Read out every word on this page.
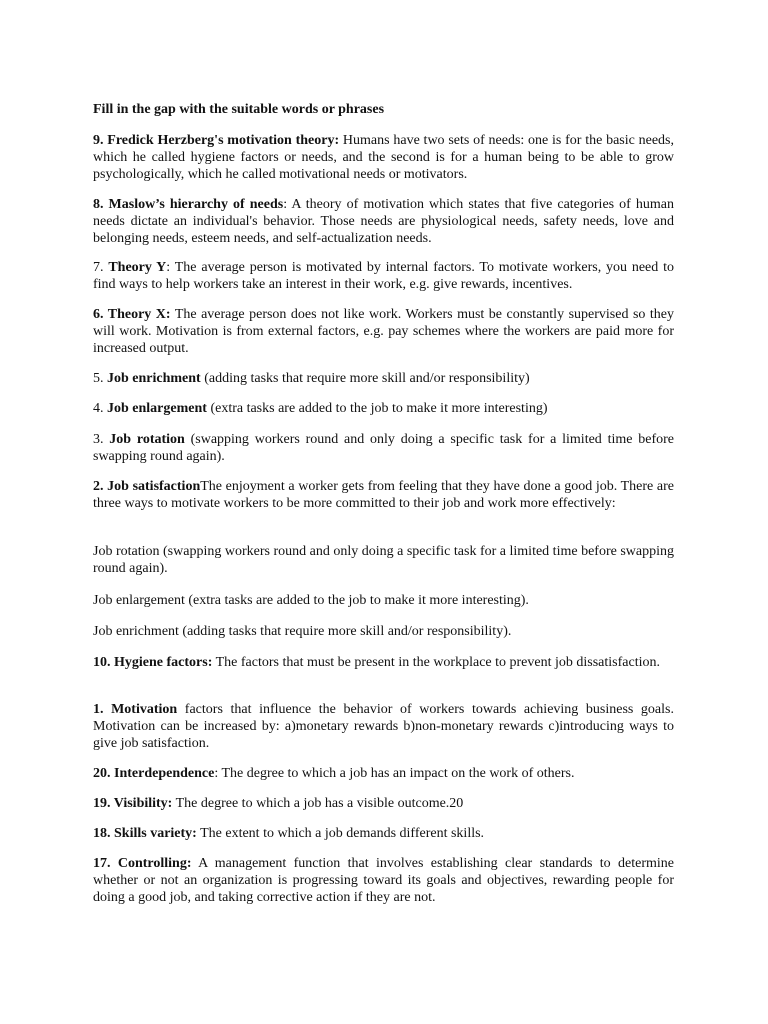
Fill in the gap with the suitable words or phrases

9. Fredick Herzberg's motivation theory: Humans have two sets of needs: one is for the basic needs, which he called hygiene factors or needs, and the second is for a human being to be able to grow psychologically, which he called motivational needs or motivators.

8. Maslow’s hierarchy of needs: A theory of motivation which states that five categories of human needs dictate an individual's behavior. Those needs are physiological needs, safety needs, love and belonging needs, esteem needs, and self-actualization needs.

7. Theory Y: The average person is motivated by internal factors. To motivate workers, you need to find ways to help workers take an interest in their work, e.g. give rewards, incentives.

6. Theory X: The average person does not like work. Workers must be constantly supervised so they will work. Motivation is from external factors, e.g. pay schemes where the workers are paid more for increased output.

5. Job enrichment (adding tasks that require more skill and/or responsibility)

4. Job enlargement (extra tasks are added to the job to make it more interesting)

3. Job rotation (swapping workers round and only doing a specific task for a limited time before swapping round again).

2. Job satisfactionThe enjoyment a worker gets from feeling that they have done a good job. There are three ways to motivate workers to be more committed to their job and work more effectively:

Job rotation (swapping workers round and only doing a specific task for a limited time before swapping round again).

Job enlargement (extra tasks are added to the job to make it more interesting).

Job enrichment (adding tasks that require more skill and/or responsibility).

10. Hygiene factors: The factors that must be present in the workplace to prevent job dissatisfaction.

1. Motivation factors that influence the behavior of workers towards achieving business goals. Motivation can be increased by: a)monetary rewards b)non-monetary rewards c)introducing ways to give job satisfaction.

20. Interdependence: The degree to which a job has an impact on the work of others.

19. Visibility: The degree to which a job has a visible outcome.20

18. Skills variety: The extent to which a job demands different skills.

17. Controlling: A management function that involves establishing clear standards to determine whether or not an organization is progressing toward its goals and objectives, rewarding people for doing a good job, and taking corrective action if they are not.
